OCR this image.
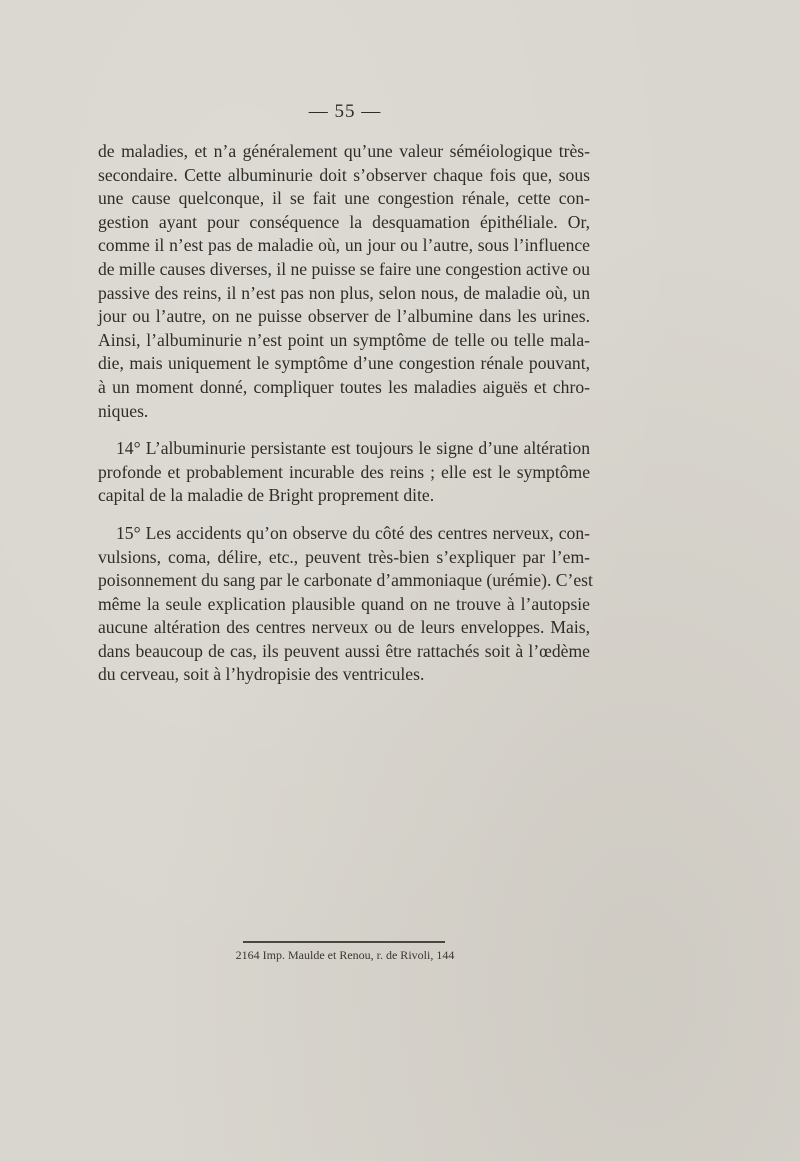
— 55 —

de maladies, et n’a généralement qu’une valeur séméiologique très-
secondaire. Cette albuminurie doit s’observer chaque fois que, sous
une cause quelconque, il se fait une congestion rénale, cette con-
gestion ayant pour conséquence la desquamation épithéliale. Or,
comme il n’est pas de maladie où, un jour ou l’autre, sous l’influence
de mille causes diverses, il ne puisse se faire une congestion active ou
passive des reins, il n’est pas non plus, selon nous, de maladie où, un
jour ou l’autre, on ne puisse observer de l’albumine dans les urines.
Ainsi, l’albuminurie n’est point un symptôme de telle ou telle mala-
die, mais uniquement le symptôme d’une congestion rénale pouvant,
à un moment donné, compliquer toutes les maladies aiguës et chro-
niques.

14° L’albuminurie persistante est toujours le signe d’une altération
profonde et probablement incurable des reins ; elle est le symptôme
capital de la maladie de Bright proprement dite.

15° Les accidents qu’on observe du côté des centres nerveux, con-
vulsions, coma, délire, etc., peuvent très-bien s’expliquer par l’em-
poisonnement du sang par le carbonate d’ammoniaque (urémie). C’est
même la seule explication plausible quand on ne trouve à l’autopsie
aucune altération des centres nerveux ou de leurs enveloppes. Mais,
dans beaucoup de cas, ils peuvent aussi être rattachés soit à l’œdème
du cerveau, soit à l’hydropisie des ventricules.

2164 Imp. Maulde et Renou, r. de Rivoli, 144
